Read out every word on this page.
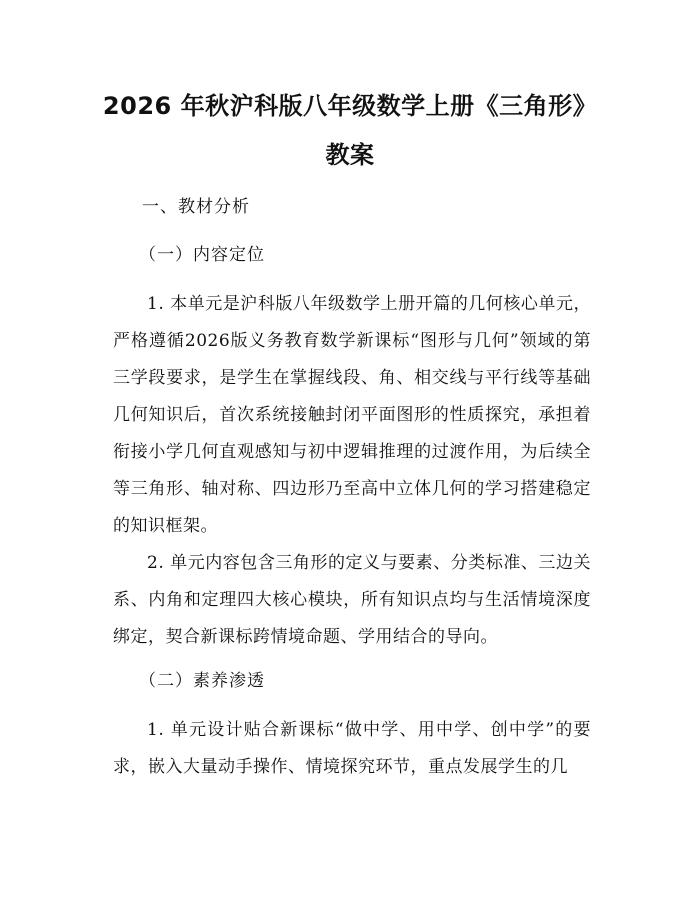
2026 年秋沪科版八年级数学上册《三角形》
教案

一、教材分析

（一）内容定位

1. 本单元是沪科版八年级数学上册开篇的几何核心单元，严格遵循2026版义务教育数学新课标“图形与几何”领域的第三学段要求，是学生在掌握线段、角、相交线与平行线等基础几何知识后，首次系统接触封闭平面图形的性质探究，承担着衔接小学几何直观感知与初中逻辑推理的过渡作用，为后续全等三角形、轴对称、四边形乃至高中立体几何的学习搭建稳定的知识框架。

2. 单元内容包含三角形的定义与要素、分类标准、三边关系、内角和定理四大核心模块，所有知识点均与生活情境深度绑定，契合新课标跨情境命题、学用结合的导向。

（二）素养渗透

1. 单元设计贴合新课标“做中学、用中学、创中学”的要求，嵌入大量动手操作、情境探究环节，重点发展学生的几
